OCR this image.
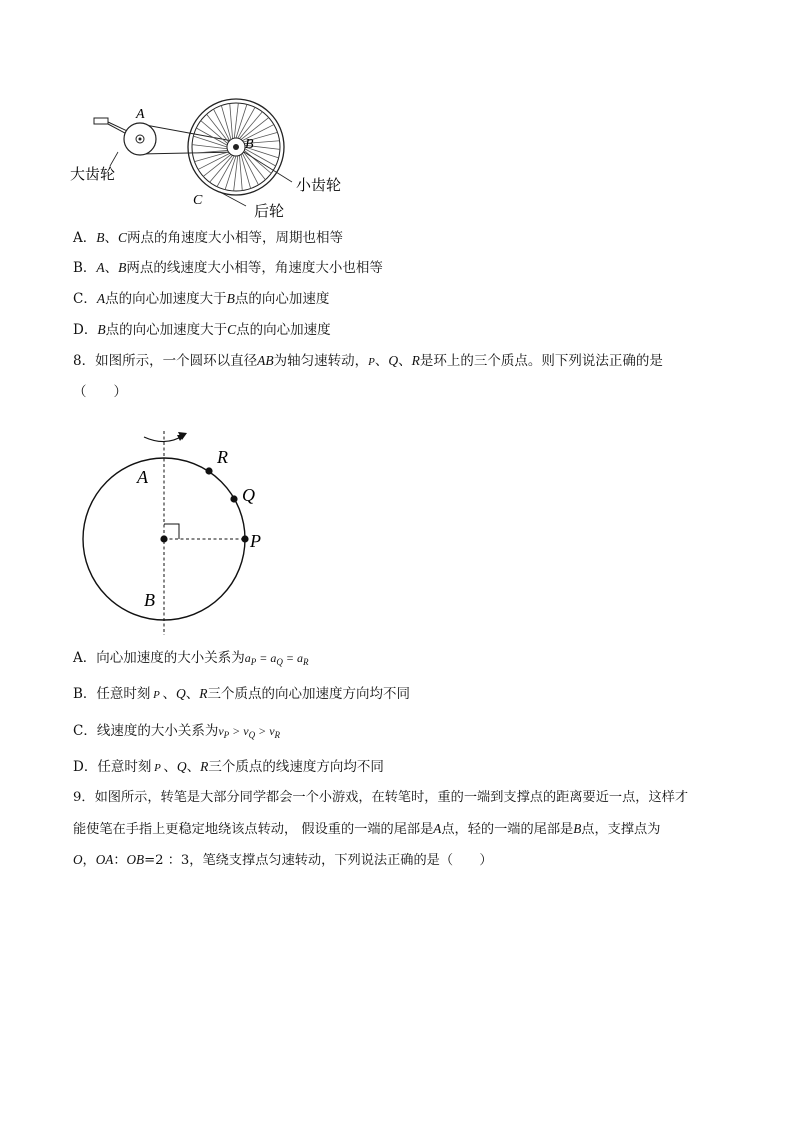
A
B
C
大齿轮
小齿轮
后轮
A．B、C两点的角速度大小相等，周期也相等
B．A、B两点的线速度大小相等，角速度大小也相等
C．A点的向心加速度大于B点的向心加速度
D．B点的向心加速度大于C点的向心加速度
8．如图所示，一个圆环以直径AB为轴匀速转动，P、Q、R是环上的三个质点。则下列说法正确的是
（　　）
A
B
P
Q
R
A．向心加速度的大小关系为$a_P = a_Q = a_R$
B．任意时刻 P 、Q、R三个质点的向心加速度方向均不同
C．线速度的大小关系为$v_P > v_Q > v_R$
D．任意时刻 P 、Q、R三个质点的线速度方向均不同
9．如图所示，转笔是大部分同学都会一个小游戏，在转笔时，重的一端到支撑点的距离要近一点，这样才
能使笔在手指上更稳定地绕该点转动， 假设重的一端的尾部是A点，轻的一端的尾部是B点，支撑点为
O，OA：OB=2 ：3，笔绕支撑点匀速转动，下列说法正确的是（　　）
